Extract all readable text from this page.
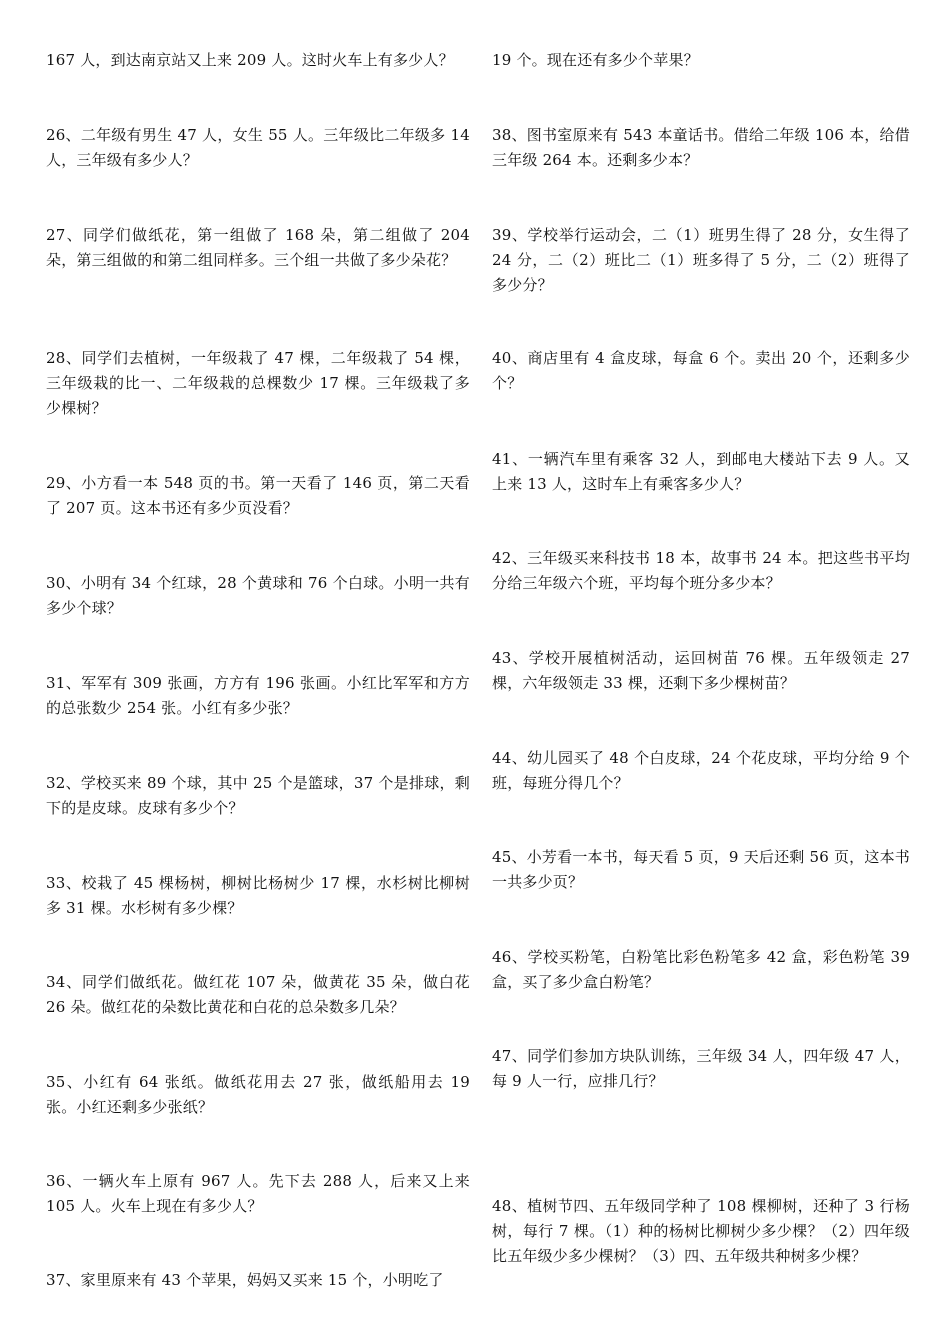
167 人，到达南京站又上来 209 人。这时火车上有多少人？

26、二年级有男生 47 人，女生 55 人。三年级比二年级多 14 人，三年级有多少人？

27、同学们做纸花，第一组做了 168 朵，第二组做了 204 朵，第三组做的和第二组同样多。三个组一共做了多少朵花？

28、同学们去植树，一年级栽了 47 棵，二年级栽了 54 棵，三年级栽的比一、二年级栽的总棵数少 17 棵。三年级栽了多少棵树？

29、小方看一本 548 页的书。第一天看了 146 页，第二天看了 207 页。这本书还有多少页没看？

30、小明有 34 个红球，28 个黄球和 76 个白球。小明一共有多少个球？

31、军军有 309 张画，方方有 196 张画。小红比军军和方方的总张数少 254 张。小红有多少张？

32、学校买来 89 个球，其中 25 个是篮球，37 个是排球，剩下的是皮球。皮球有多少个？

33、校栽了 45 棵杨树，柳树比杨树少 17 棵，水杉树比柳树多 31 棵。水杉树有多少棵？

34、同学们做纸花。做红花 107 朵，做黄花 35 朵，做白花 26 朵。做红花的朵数比黄花和白花的总朵数多几朵？

35、小红有 64 张纸。做纸花用去 27 张，做纸船用去 19 张。小红还剩多少张纸？

36、一辆火车上原有 967 人。先下去 288 人，后来又上来 105 人。火车上现在有多少人？

37、家里原来有 43 个苹果，妈妈又买来 15 个，小明吃了

19 个。现在还有多少个苹果？

38、图书室原来有 543 本童话书。借给二年级 106 本，给借三年级 264 本。还剩多少本？

39、学校举行运动会，二（1）班男生得了 28 分，女生得了 24 分，二（2）班比二（1）班多得了 5 分，二（2）班得了多少分？

40、商店里有 4 盒皮球，每盒 6 个。卖出 20 个，还剩多少个？

41、一辆汽车里有乘客 32 人，到邮电大楼站下去 9 人。又上来 13 人，这时车上有乘客多少人？

42、三年级买来科技书 18 本，故事书 24 本。把这些书平均分给三年级六个班，平均每个班分多少本？

43、学校开展植树活动，运回树苗 76 棵。五年级领走 27 棵，六年级领走 33 棵，还剩下多少棵树苗？

44、幼儿园买了 48 个白皮球，24 个花皮球，平均分给 9 个班，每班分得几个？

45、小芳看一本书，每天看 5 页，9 天后还剩 56 页，这本书一共多少页？

46、学校买粉笔，白粉笔比彩色粉笔多 42 盒，彩色粉笔 39 盒，买了多少盒白粉笔？

47、同学们参加方块队训练，三年级 34 人，四年级 47 人，每 9 人一行，应排几行？

48、植树节四、五年级同学种了 108 棵柳树，还种了 3 行杨树，每行 7 棵。（1）种的杨树比柳树少多少棵？（2）四年级比五年级少多少棵树？（3）四、五年级共种树多少棵？
